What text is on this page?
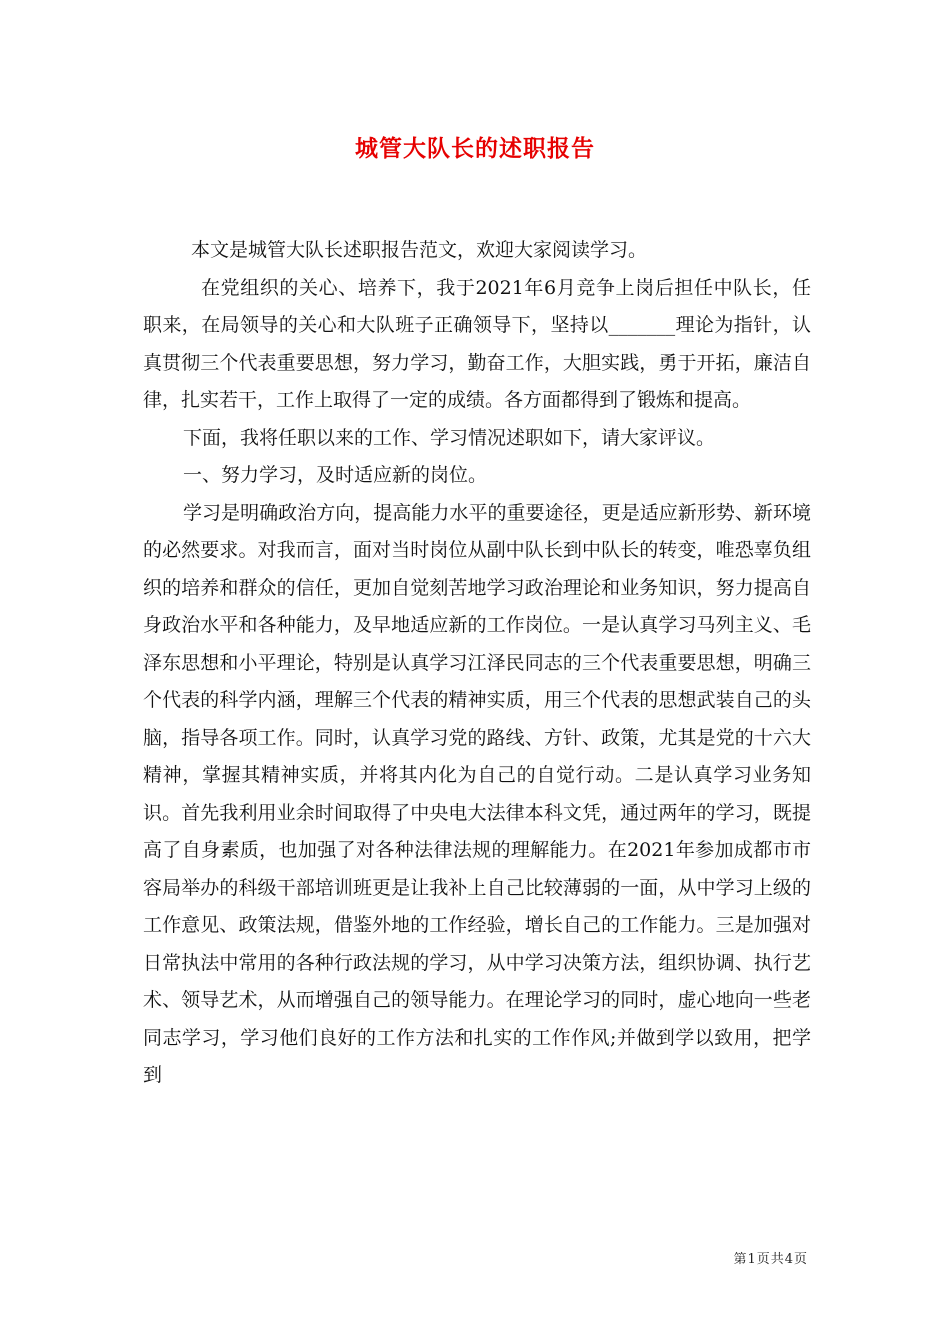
城管大队长的述职报告

本文是城管大队长述职报告范文，欢迎大家阅读学习。

在党组织的关心、培养下，我于2021年6月竞争上岗后担任中队长，任职来，在局领导的关心和大队班子正确领导下，坚持以_______理论为指针，认真贯彻三个代表重要思想，努力学习，勤奋工作，大胆实践，勇于开拓，廉洁自律，扎实若干，工作上取得了一定的成绩。各方面都得到了锻炼和提高。

下面，我将任职以来的工作、学习情况述职如下，请大家评议。

一、努力学习，及时适应新的岗位。

学习是明确政治方向，提高能力水平的重要途径，更是适应新形势、新环境的必然要求。对我而言，面对当时岗位从副中队长到中队长的转变，唯恐辜负组织的培养和群众的信任，更加自觉刻苦地学习政治理论和业务知识，努力提高自身政治水平和各种能力，及早地适应新的工作岗位。一是认真学习马列主义、毛泽东思想和小平理论，特别是认真学习江泽民同志的三个代表重要思想，明确三个代表的科学内涵，理解三个代表的精神实质，用三个代表的思想武装自己的头脑，指导各项工作。同时，认真学习党的路线、方针、政策，尤其是党的十六大精神，掌握其精神实质，并将其内化为自己的自觉行动。二是认真学习业务知识。首先我利用业余时间取得了中央电大法律本科文凭，通过两年的学习，既提高了自身素质，也加强了对各种法律法规的理解能力。在2021年参加成都市市容局举办的科级干部培训班更是让我补上自己比较薄弱的一面，从中学习上级的工作意见、政策法规，借鉴外地的工作经验，增长自己的工作能力。三是加强对日常执法中常用的各种行政法规的学习，从中学习决策方法，组织协调、执行艺术、领导艺术，从而增强自己的领导能力。在理论学习的同时，虚心地向一些老同志学习，学习他们良好的工作方法和扎实的工作作风;并做到学以致用，把学到

第1页共4页
